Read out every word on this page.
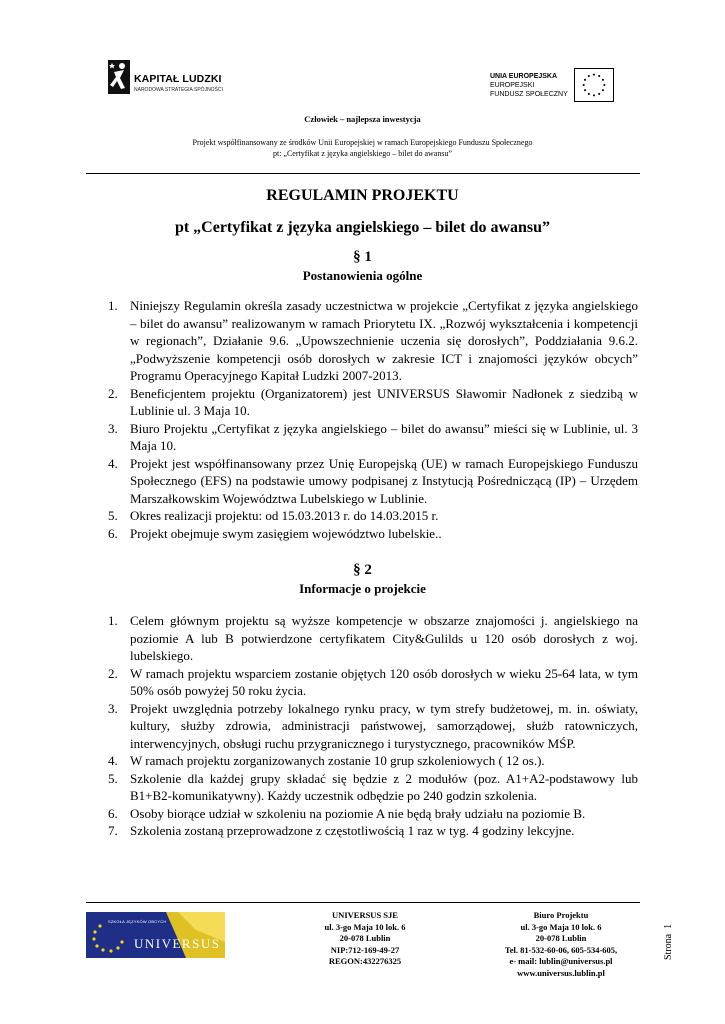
KAPITAŁ LUDZKI
NARODOWA STRATEGIA SPÓJNOŚCI
UNIA EUROPEJSKA
EUROPEJSKI
FUNDUSZ SPOŁECZNY
Człowiek – najlepsza inwestycja
Projekt współfinansowany ze środków Unii Europejskiej w ramach Europejskiego Funduszu Społecznego
pt: „Certyfikat z języka angielskiego – bilet do awansu”
REGULAMIN PROJEKTU
pt „Certyfikat z języka angielskiego – bilet do awansu”
§ 1
Postanowienia ogólne
1. Niniejszy Regulamin określa zasady uczestnictwa w projekcie „Certyfikat z języka angielskiego – bilet do awansu” realizowanym w ramach Priorytetu IX. „Rozwój wykształcenia i kompetencji w regionach”, Działanie 9.6. „Upowszechnienie uczenia się dorosłych”, Poddziałania 9.6.2. „Podwyższenie kompetencji osób dorosłych w zakresie ICT i znajomości języków obcych” Programu Operacyjnego Kapitał Ludzki 2007-2013.
2. Beneficjentem projektu (Organizatorem) jest UNIVERSUS Sławomir Nadłonek z siedzibą w Lublinie ul. 3 Maja 10.
3. Biuro Projektu „Certyfikat z języka angielskiego – bilet do awansu” mieści się w Lublinie, ul. 3 Maja 10.
4. Projekt jest współfinansowany przez Unię Europejską (UE) w ramach Europejskiego Funduszu Społecznego (EFS) na podstawie umowy podpisanej z Instytucją Pośredniczącą (IP) – Urzędem Marszałkowskim Województwa Lubelskiego w Lublinie.
5. Okres realizacji projektu: od 15.03.2013 r. do 14.03.2015 r.
6. Projekt obejmuje swym zasięgiem województwo lubelskie..
§ 2
Informacje o projekcie
1. Celem głównym projektu są wyższe kompetencje w obszarze znajomości j. angielskiego na poziomie A lub B potwierdzone certyfikatem City&Gulilds u 120 osób dorosłych z woj. lubelskiego.
2. W ramach projektu wsparciem zostanie objętych 120 osób dorosłych w wieku 25-64 lata, w tym 50% osób powyżej 50 roku życia.
3. Projekt uwzględnia potrzeby lokalnego rynku pracy, w tym strefy budżetowej, m. in. oświaty, kultury, służby zdrowia, administracji państwowej, samorządowej, służb ratowniczych, interwencyjnych, obsługi ruchu przygranicznego i turystycznego, pracowników MŚP.
4. W ramach projektu zorganizowanych zostanie 10 grup szkoleniowych ( 12 os.).
5. Szkolenie dla każdej grupy składać się będzie z 2 modułów (poz. A1+A2-podstawowy lub B1+B2-komunikatywny). Każdy uczestnik odbędzie po 240 godzin szkolenia.
6. Osoby biorące udział w szkoleniu na poziomie A nie będą brały udziału na poziomie B.
7. Szkolenia zostaną przeprowadzone z częstotliwością 1 raz w tyg. 4 godziny lekcyjne.
SZKOŁA JĘZYKÓW OBCYCH
UNIVERSUS
UNIVERSUS SJE
ul. 3-go Maja 10 lok. 6
20-078 Lublin
NIP:712-169-49-27
REGON:432276325
Biuro Projektu
ul. 3-go Maja 10 lok. 6
20-078 Lublin
Tel. 81-532-60-06, 605-534-605,
e- mail: lublin@universus.pl
www.universus.lublin.pl
Strona  1
